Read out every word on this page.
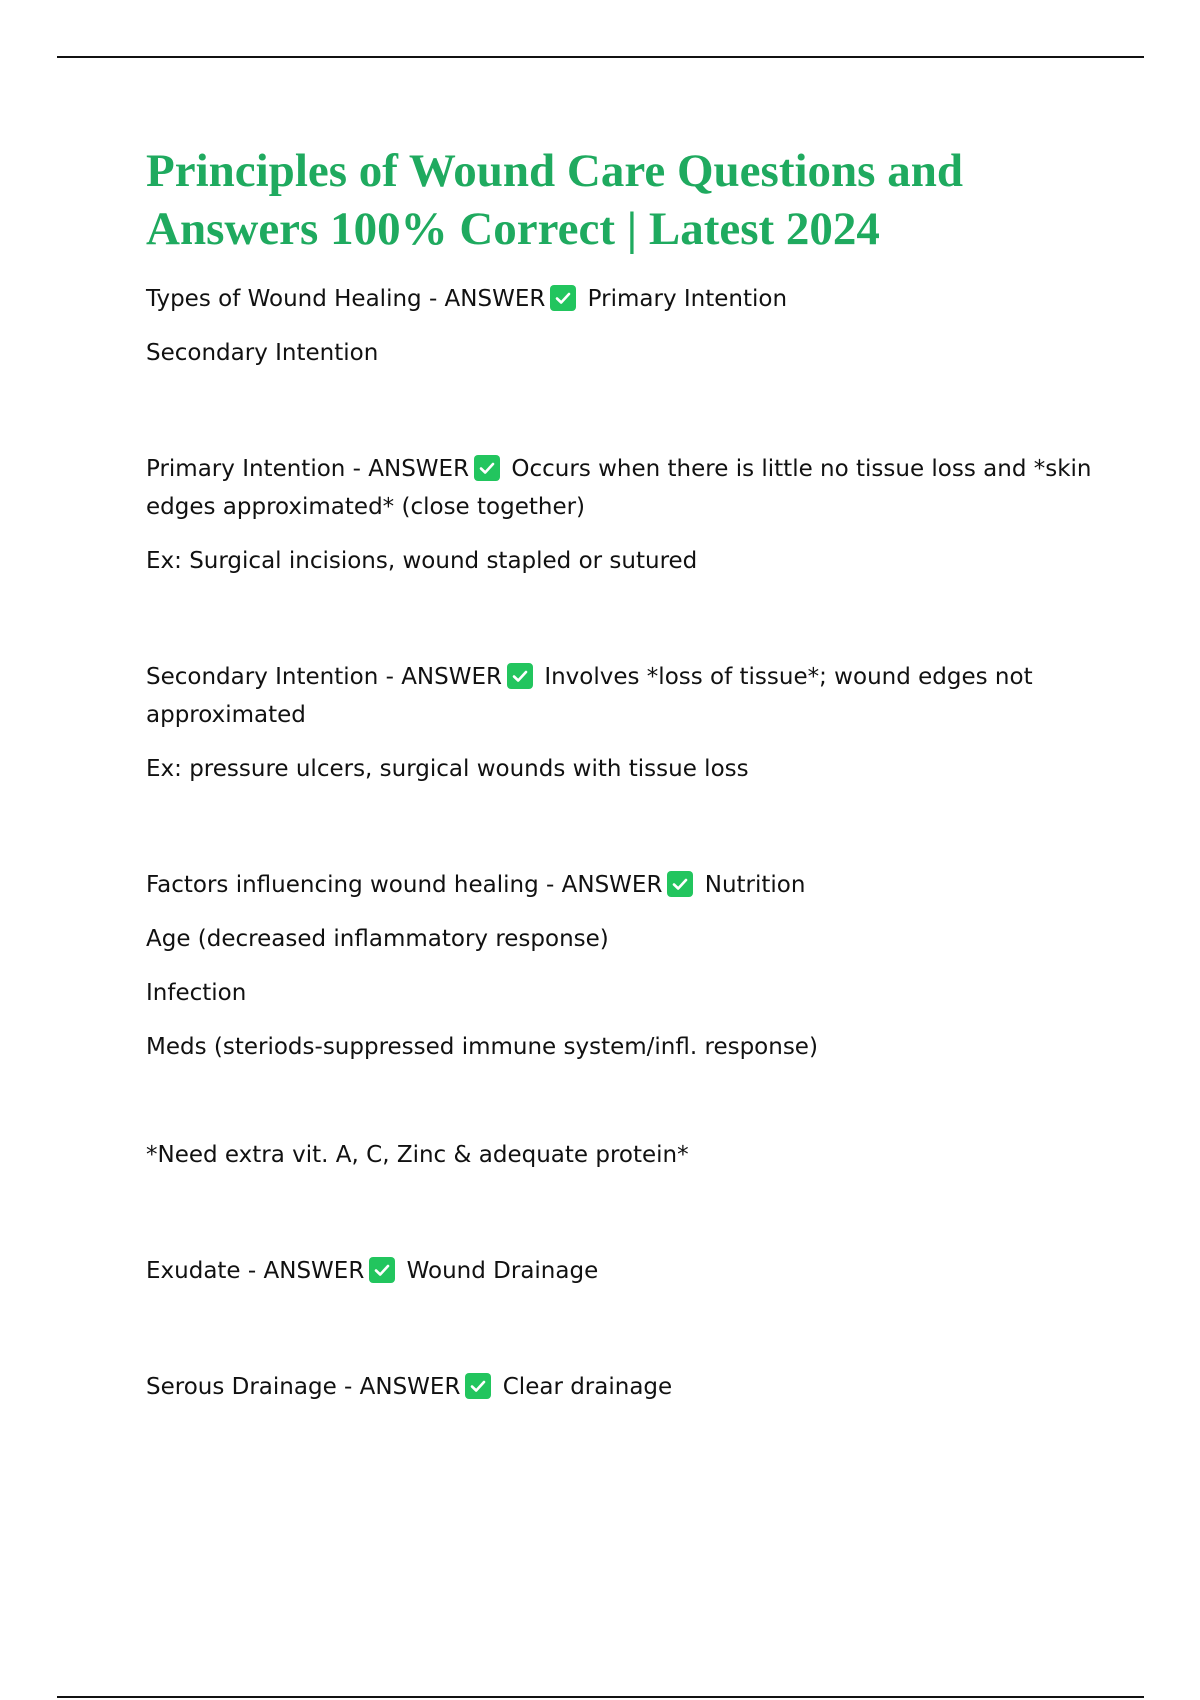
Principles of Wound Care Questions and Answers 100% Correct | Latest 2024

Types of Wound Healing - ANSWER Primary Intention

Secondary Intention

Primary Intention - ANSWER Occurs when there is little no tissue loss and *skin edges approximated* (close together)

Ex: Surgical incisions, wound stapled or sutured

Secondary Intention - ANSWER Involves *loss of tissue*; wound edges not approximated

Ex: pressure ulcers, surgical wounds with tissue loss

Factors influencing wound healing - ANSWER Nutrition

Age (decreased inflammatory response)

Infection

Meds (steriods-suppressed immune system/infl. response)

*Need extra vit. A, C, Zinc & adequate protein*

Exudate - ANSWER Wound Drainage

Serous Drainage - ANSWER Clear drainage
